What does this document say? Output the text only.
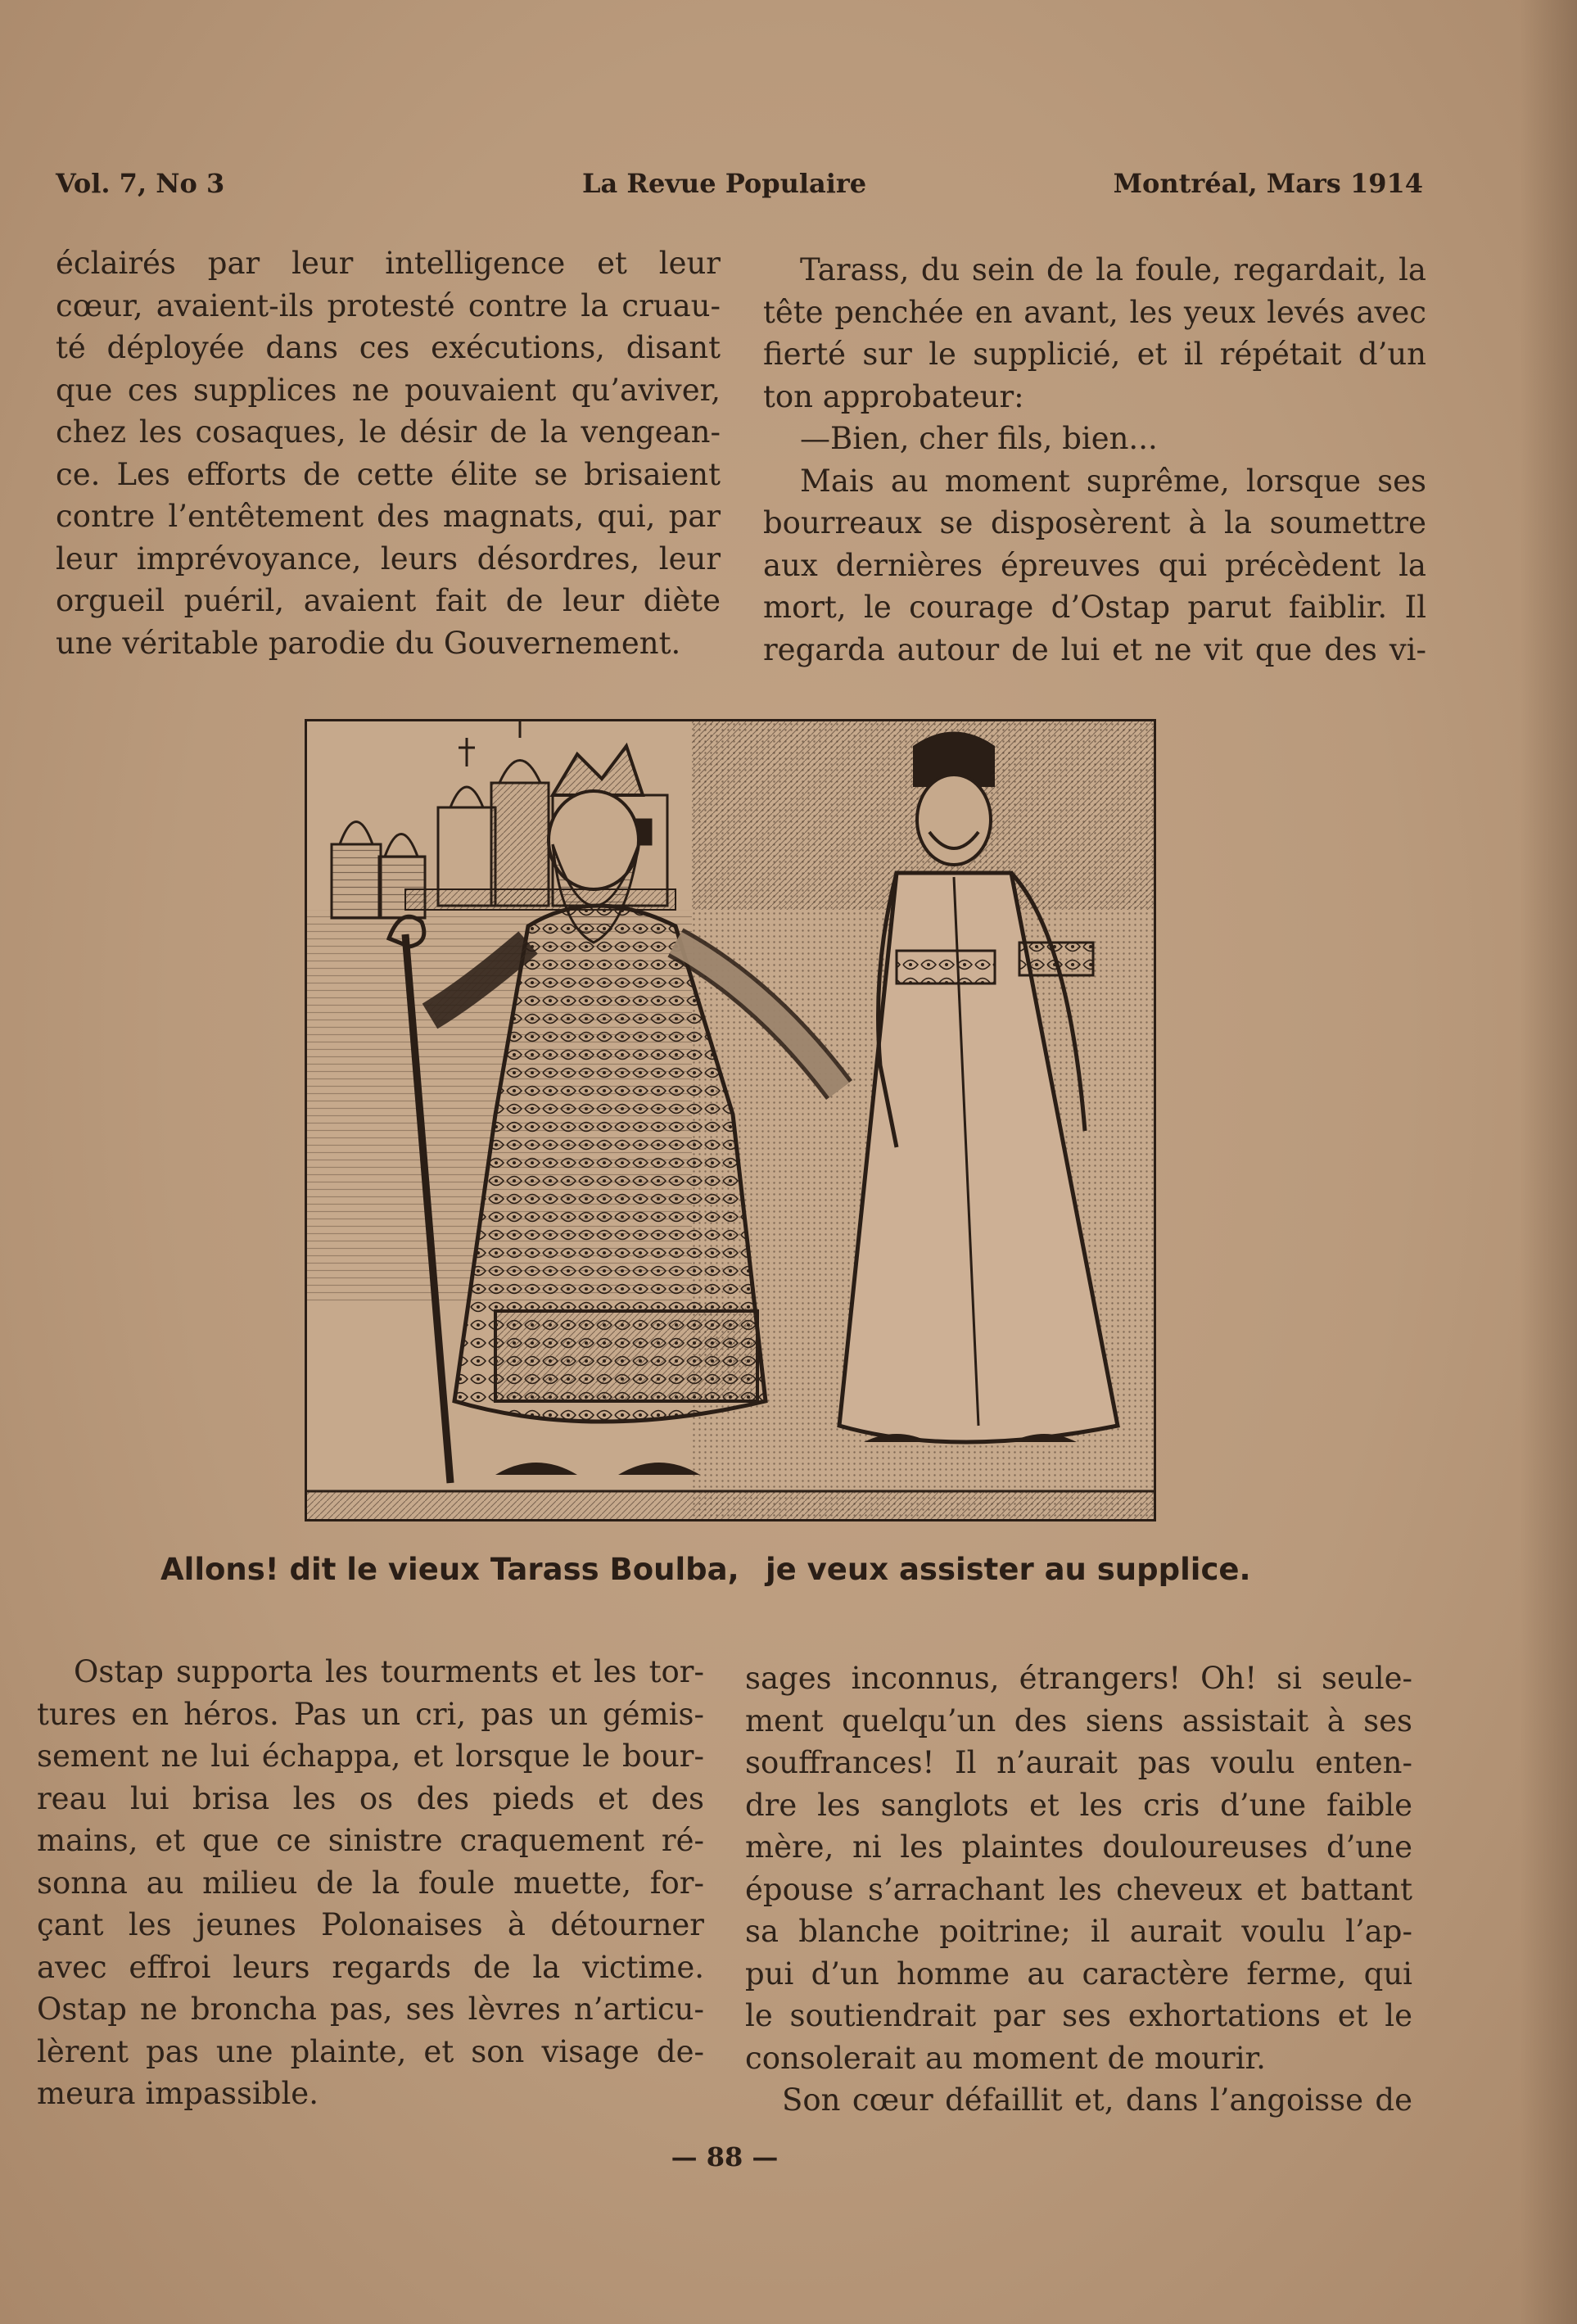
Vol. 7, No 3	La Revue Populaire	Montréal, Mars 1914
éclairés par leur intelligence et leur
cœur, avaient-ils protesté contre la cruau-
té déployée dans ces exécutions, disant
que ces supplices ne pouvaient qu’aviver,
chez les cosaques, le désir de la vengean-
ce. Les efforts de cette élite se brisaient
contre l’entêtement des magnats, qui, par
leur imprévoyance, leurs désordres, leur
orgueil puéril, avaient fait de leur diète
une véritable parodie du Gouvernement.
Tarass, du sein de la foule, regardait, la
tête penchée en avant, les yeux levés avec
fierté sur le supplicié, et il répétait d’un
ton approbateur:
—Bien, cher fils, bien...
Mais au moment suprême, lorsque ses
bourreaux se disposèrent à la soumettre
aux dernières épreuves qui précèdent la
mort, le courage d’Ostap parut faiblir. Il
regarda autour de lui et ne vit que des vi-
Allons! dit le vieux Tarass Boulba, je veux assister au supplice.
Ostap supporta les tourments et les tor-
tures en héros. Pas un cri, pas un gémis-
sement ne lui échappa, et lorsque le bour-
reau lui brisa les os des pieds et des
mains, et que ce sinistre craquement ré-
sonna au milieu de la foule muette, for-
çant les jeunes Polonaises à détourner
avec effroi leurs regards de la victime.
Ostap ne broncha pas, ses lèvres n’articu-
lèrent pas une plainte, et son visage de-
meura impassible.
sages inconnus, étrangers! Oh! si seule-
ment quelqu’un des siens assistait à ses
souffrances! Il n’aurait pas voulu enten-
dre les sanglots et les cris d’une faible
mère, ni les plaintes douloureuses d’une
épouse s’arrachant les cheveux et battant
sa blanche poitrine; il aurait voulu l’ap-
pui d’un homme au caractère ferme, qui
le soutiendrait par ses exhortations et le
consolerait au moment de mourir.
Son cœur défaillit et, dans l’angoisse de
— 88 —
